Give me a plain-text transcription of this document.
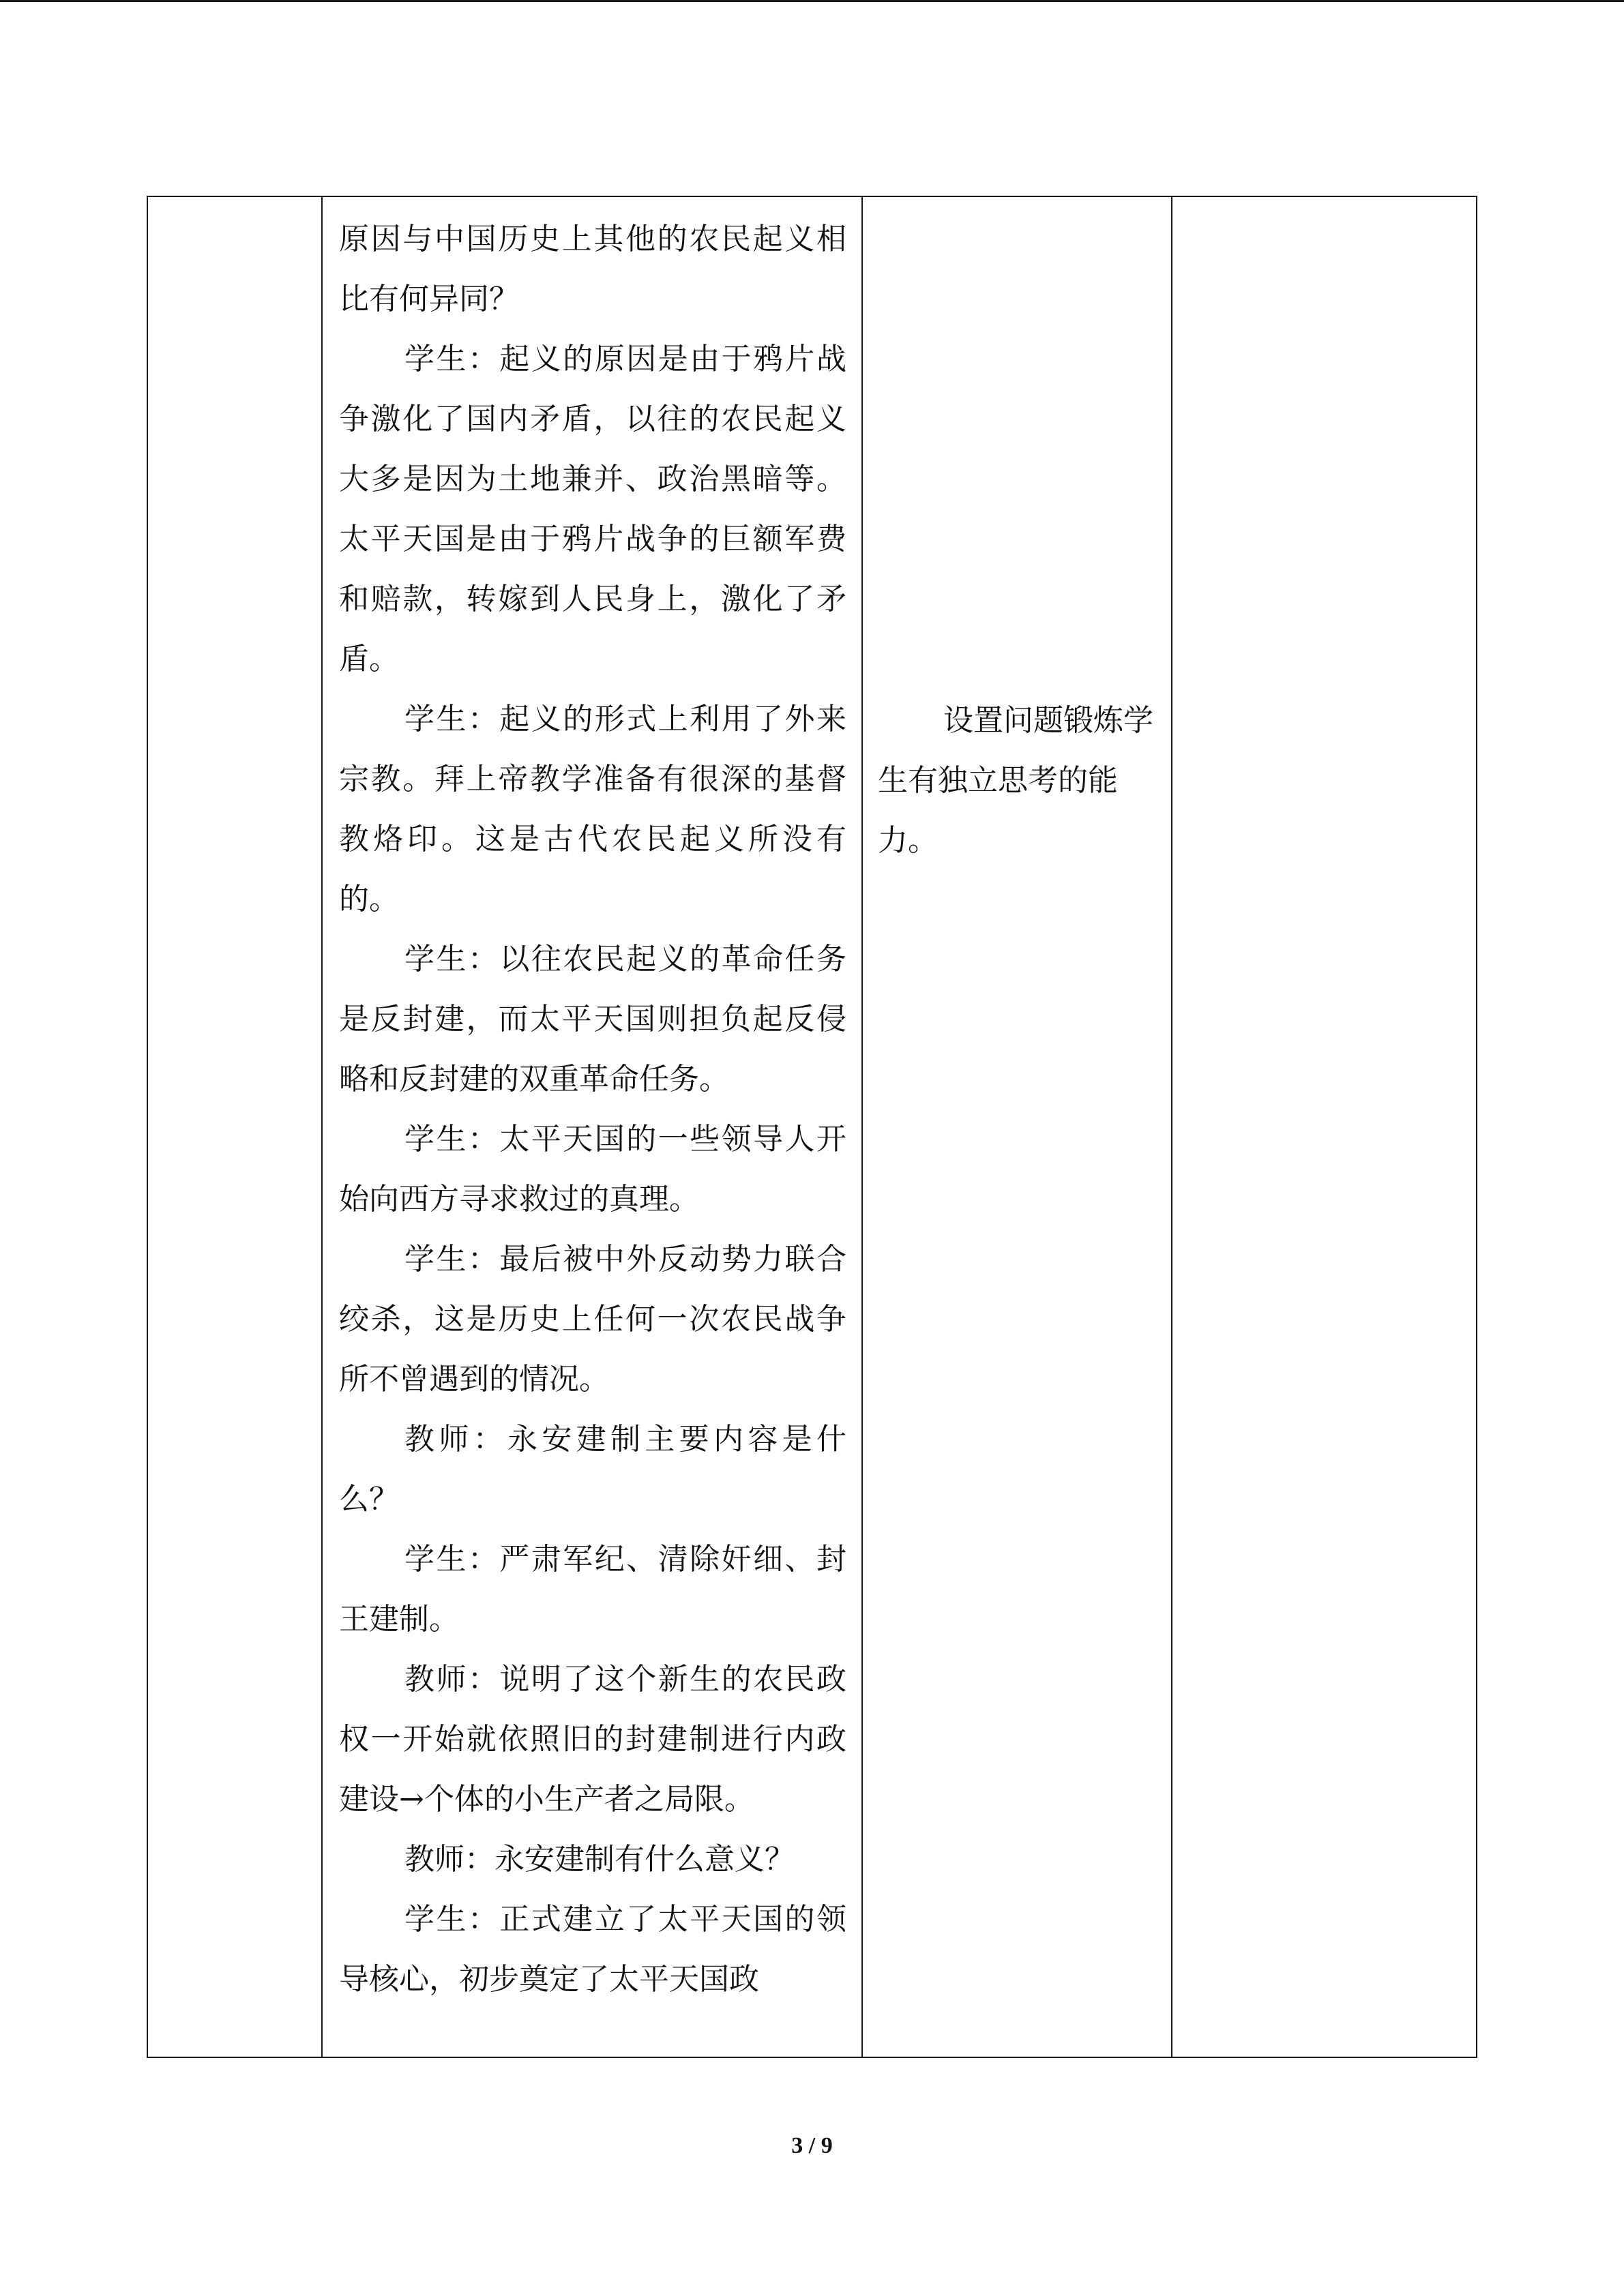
原因与中国历史上其他的农民起义相比有何异同？

学生：起义的原因是由于鸦片战争激化了国内矛盾，以往的农民起义大多是因为土地兼并、政治黑暗等。太平天国是由于鸦片战争的巨额军费和赔款，转嫁到人民身上，激化了矛盾。

学生：起义的形式上利用了外来宗教。拜上帝教学准备有很深的基督教烙印。这是古代农民起义所没有的。

学生：以往农民起义的革命任务是反封建，而太平天国则担负起反侵略和反封建的双重革命任务。

学生：太平天国的一些领导人开始向西方寻求救过的真理。

学生：最后被中外反动势力联合绞杀，这是历史上任何一次农民战争所不曾遇到的情况。

教师：永安建制主要内容是什么？

学生：严肃军纪、清除奸细、封王建制。

教师：说明了这个新生的农民政权一开始就依照旧的封建制进行内政建设→个体的小生产者之局限。

教师：永安建制有什么意义？

学生：正式建立了太平天国的领导核心，初步奠定了太平天国政

设置问题锻炼学生有独立思考的能力。

3 / 9
